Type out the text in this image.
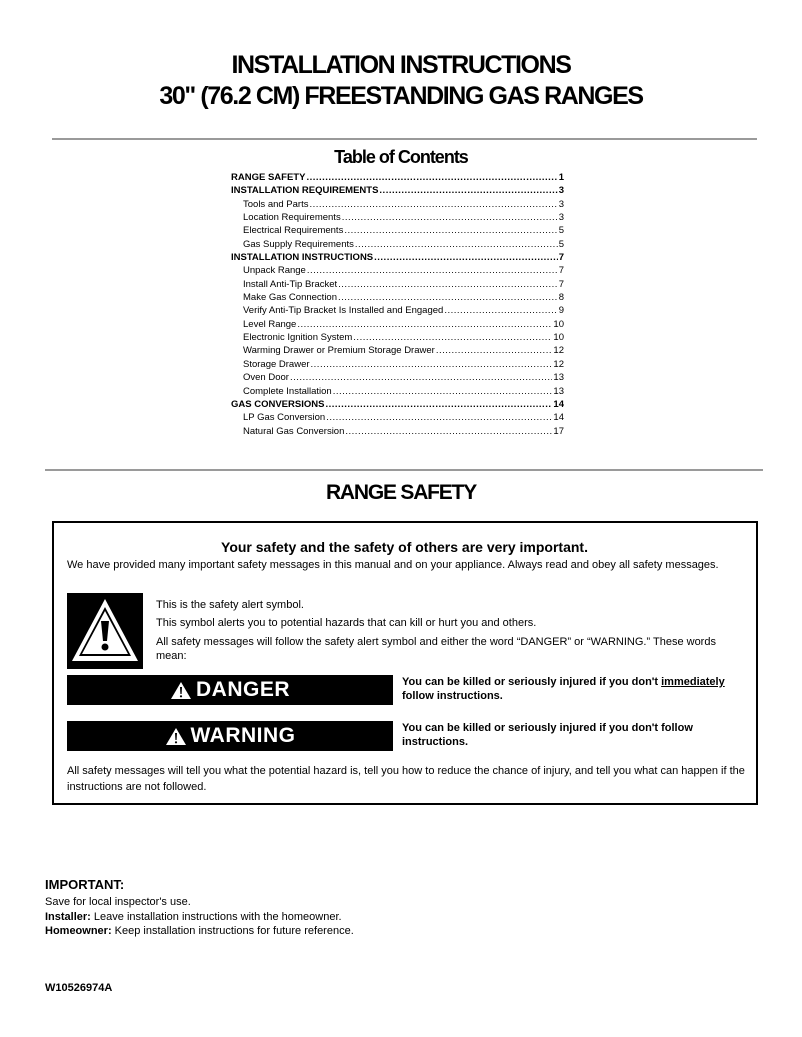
INSTALLATION INSTRUCTIONS
30" (76.2 CM) FREESTANDING GAS RANGES
Table of Contents
RANGE SAFETY .....	1
INSTALLATION REQUIREMENTS .....	3
Tools and Parts .....	3
Location Requirements .....	3
Electrical Requirements .....	5
Gas Supply Requirements .....	5
INSTALLATION INSTRUCTIONS .....	7
Unpack Range .....	7
Install Anti-Tip Bracket .....	7
Make Gas Connection .....	8
Verify Anti-Tip Bracket Is Installed and Engaged .....	9
Level Range .....	10
Electronic Ignition System .....	10
Warming Drawer or Premium Storage Drawer .....	12
Storage Drawer .....	12
Oven Door .....	13
Complete Installation .....	13
GAS CONVERSIONS .....	14
LP Gas Conversion .....	14
Natural Gas Conversion .....	17
RANGE SAFETY
Your safety and the safety of others are very important.
We have provided many important safety messages in this manual and on your appliance. Always read and obey all safety messages.
This is the safety alert symbol.
This symbol alerts you to potential hazards that can kill or hurt you and others.
All safety messages will follow the safety alert symbol and either the word “DANGER” or “WARNING.” These words mean:
DANGER	You can be killed or seriously injured if you don't immediately follow instructions.
WARNING	You can be killed or seriously injured if you don't follow instructions.
All safety messages will tell you what the potential hazard is, tell you how to reduce the chance of injury, and tell you what can happen if the instructions are not followed.
IMPORTANT:
Save for local inspector's use.
Installer: Leave installation instructions with the homeowner.
Homeowner: Keep installation instructions for future reference.
W10526974A
